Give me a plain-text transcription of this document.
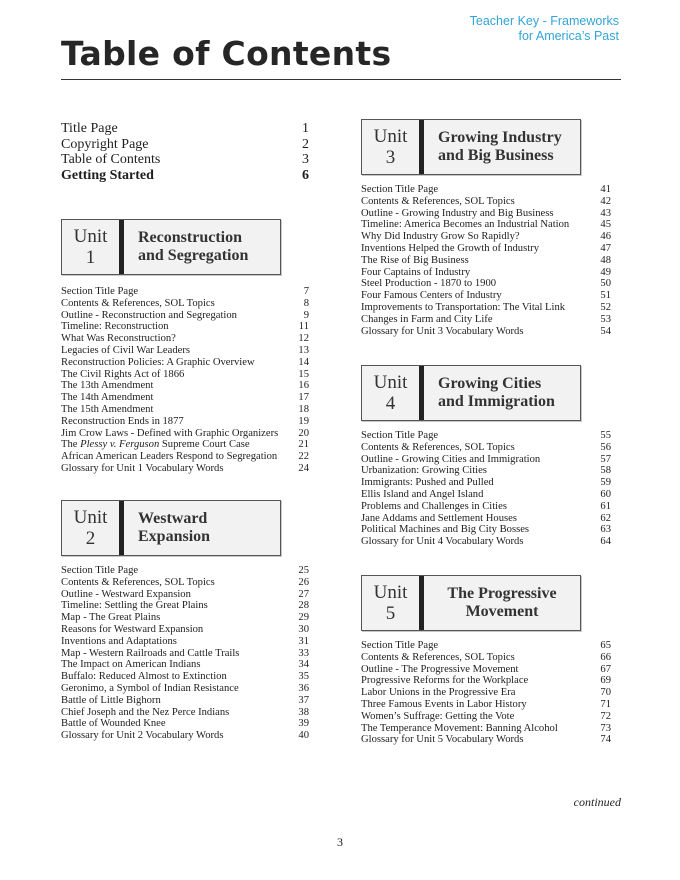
Teacher Key - Frameworks
for America’s Past
Table of Contents
Title Page	1
Copyright Page	2
Table of Contents	3
Getting Started	6
Unit
1
Reconstruction
and Segregation
Section Title Page	7
Contents & References, SOL Topics	8
Outline - Reconstruction and Segregation	9
Timeline: Reconstruction	11
What Was Reconstruction?	12
Legacies of Civil War Leaders	13
Reconstruction Policies: A Graphic Overview	14
The Civil Rights Act of 1866	15
The 13th Amendment	16
The 14th Amendment	17
The 15th Amendment	18
Reconstruction Ends in 1877	19
Jim Crow Laws - Defined with Graphic Organizers 20
The Plessy v. Ferguson Supreme Court Case	21
African American Leaders Respond to Segregation 22
Glossary for Unit 1 Vocabulary Words	24
Unit
2
Westward
Expansion
Section Title Page	25
Contents & References, SOL Topics	26
Outline - Westward Expansion	27
Timeline: Settling the Great Plains	28
Map - The Great Plains	29
Reasons for Westward Expansion	30
Inventions and Adaptations	31
Map - Western Railroads and Cattle Trails	33
The Impact on American Indians	34
Buffalo: Reduced Almost to Extinction	35
Geronimo, a Symbol of Indian Resistance	36
Battle of Little Bighorn	37
Chief Joseph and the Nez Perce Indians	38
Battle of Wounded Knee	39
Glossary for Unit 2 Vocabulary Words	40
Unit
3
Growing Industry
and Big Business
Section Title Page	41
Contents & References, SOL Topics	42
Outline - Growing Industry and Big Business	43
Timeline: America Becomes an Industrial Nation	45
Why Did Industry Grow So Rapidly?	46
Inventions Helped the Growth of Industry	47
The Rise of Big Business	48
Four Captains of Industry	49
Steel Production - 1870 to 1900	50
Four Famous Centers of Industry	51
Improvements to Transportation: The Vital Link	52
Changes in Farm and City Life	53
Glossary for Unit 3 Vocabulary Words	54
Unit
4
Growing Cities
and Immigration
Section Title Page	55
Contents & References, SOL Topics	56
Outline - Growing Cities and Immigration	57
Urbanization: Growing Cities	58
Immigrants: Pushed and Pulled	59
Ellis Island and Angel Island	60
Problems and Challenges in Cities	61
Jane Addams and Settlement Houses	62
Political Machines and Big City Bosses	63
Glossary for Unit 4 Vocabulary Words	64
Unit
5
The Progressive
Movement
Section Title Page	65
Contents & References, SOL Topics	66
Outline - The Progressive Movement	67
Progressive Reforms for the Workplace	69
Labor Unions in the Progressive Era	70
Three Famous Events in Labor History	71
Women’s Suffrage: Getting the Vote	72
The Temperance Movement: Banning Alcohol	73
Glossary for Unit 5 Vocabulary Words	74
continued
3
